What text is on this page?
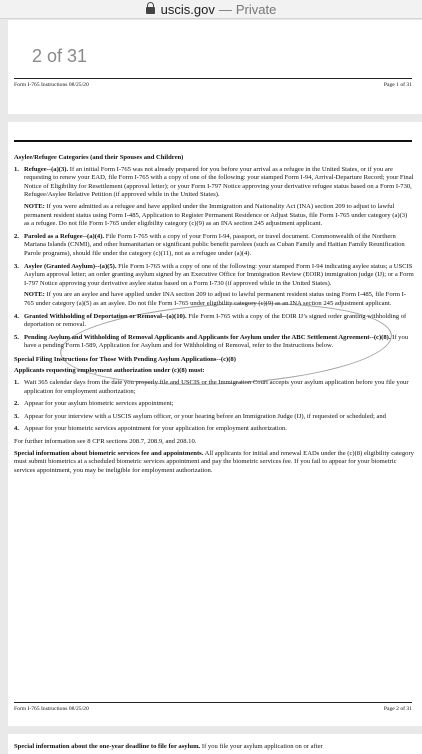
uscis.gov — Private
Form I-765 Instructions 08/25/20	Page 1 of 31
2 of 31
Asylee/Refugee Categories (and their Spouses and Children)
1. Refugee--(a)(3). If an initial Form I-765 was not already prepared for you before your arrival as a refugee in the United States, or if you are requesting to renew your EAD, file Form I-765 with a copy of one of the following: your stamped Form I-94, Arrival-Departure Record; your Final Notice of Eligibility for Resettlement (approval letter); or your Form I-797 Notice approving your derivative refugee status based on a Form I-730, Refugee/Asylee Relative Petition (if approved while in the United States).
NOTE: If you were admitted as a refugee and have applied under the Immigration and Nationality Act (INA) section 209 to adjust to lawful permanent resident status using Form I-485, Application to Register Permanent Residence or Adjust Status, file Form I-765 under category (a)(3) as a refugee. Do not file Form I-765 under eligibility category (c)(9) as an INA section 245 adjustment applicant.
2. Paroled as a Refugee--(a)(4). File Form I-765 with a copy of your Form I-94, passport, or travel document. Commonwealth of the Northern Mariana Islands (CNMI), and other humanitarian or significant public benefit parolees (such as Cuban Family and Haitian Family Reunification Parole programs), should file under the category (c)(11), not as a refugee under (a)(4).
3. Asylee (Granted Asylum)--(a)(5). File Form I-765 with a copy of one of the following: your stamped Form I-94 indicating asylee status; a USCIS Asylum approval letter; an order granting asylum signed by an Executive Office for Immigration Review (EOIR) immigration judge (IJ); or a Form I-797 Notice approving your derivative asylee status based on a Form I-730 (if approved while in the United States).
NOTE: If you are an asylee and have applied under INA section 209 to adjust to lawful permanent resident status using Form I-485, file Form I-765 under category (a)(5) as an asylee. Do not file Form I-765 under eligibility category (c)(9) as an INA section 245 adjustment applicant.
4. Granted Withholding of Deportation or Removal--(a)(10). File Form I-765 with a copy of the EOIR IJ’s signed order granting withholding of deportation or removal.
5. Pending Asylum and Withholding of Removal Applicants and Applicants for Asylum under the ABC Settlement Agreement--(c)(8). If you have a pending Form I-589, Application for Asylum and for Withholding of Removal, refer to the Instructions below.
Special Filing Instructions for Those With Pending Asylum Applications--(c)(8)
Applicants requesting employment authorization under (c)(8) must:
1. Wait 365 calendar days from the date you properly file and USCIS or the Immigration Court accepts your asylum application before you file your application for employment authorization;
2. Appear for your asylum biometric services appointment;
3. Appear for your interview with a USCIS asylum officer, or your hearing before an Immigration Judge (IJ), if requested or scheduled; and
4. Appear for your biometric services appointment for your application for employment authorization.

For further information see 8 CFR sections 208.7, 208.9, and 208.10.

Special information about biometric services fee and appointments. All applicants for initial and renewal EADs under the (c)(8) eligibility category must submit biometrics at a scheduled biometric services appointment and pay the biometric services fee. If you fail to appear for your biometric services appointment, you may be ineligible for employment authorization.

Form I-765 Instructions 08/25/20	Page 2 of 31
Special information about the one-year deadline to file for asylum. If you file your asylum application on or after
